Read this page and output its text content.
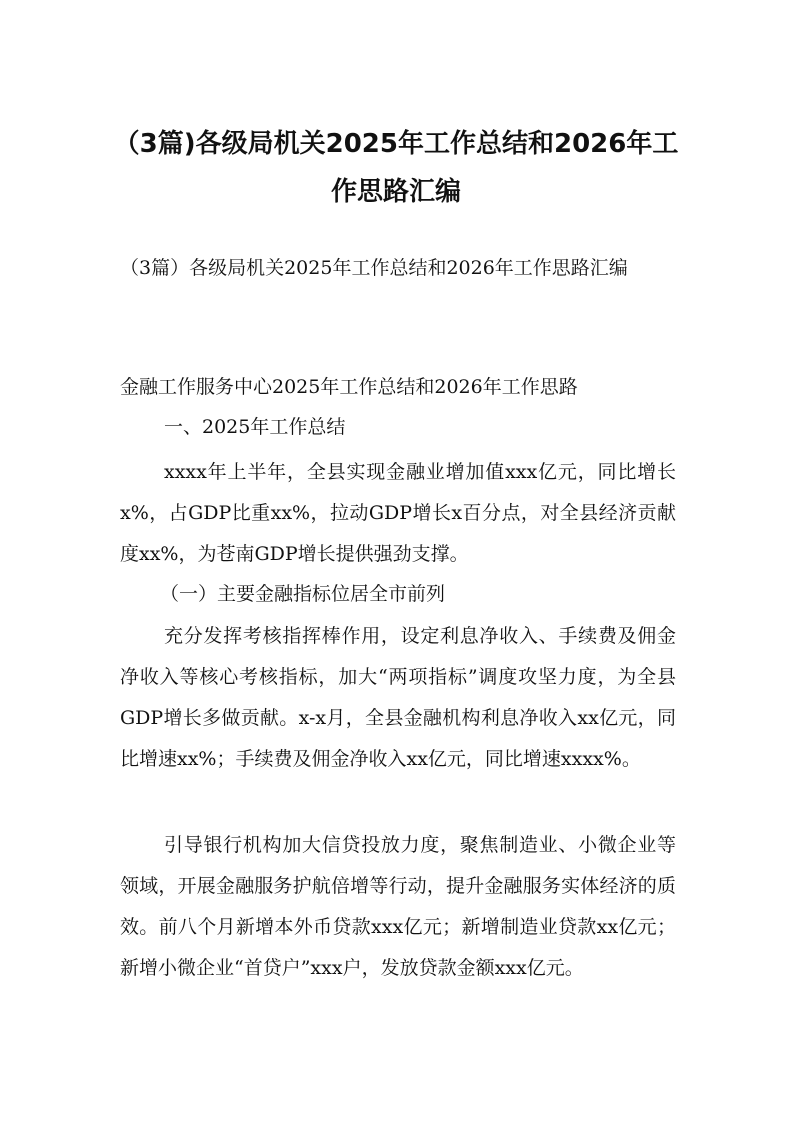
（3篇)各级局机关2025年工作总结和2026年工作思路汇编

（3篇）各级局机关2025年工作总结和2026年工作思路汇编

金融工作服务中心2025年工作总结和2026年工作思路

一、2025年工作总结

xxxx年上半年，全县实现金融业增加值xxx亿元，同比增长x%，占GDP比重xx%，拉动GDP增长x百分点，对全县经济贡献度xx%，为苍南GDP增长提供强劲支撑。

（一）主要金融指标位居全市前列

充分发挥考核指挥棒作用，设定利息净收入、手续费及佣金净收入等核心考核指标，加大“两项指标”调度攻坚力度，为全县GDP增长多做贡献。x-x月，全县金融机构利息净收入xx亿元，同比增速xx%；手续费及佣金净收入xx亿元，同比增速xxxx%。

引导银行机构加大信贷投放力度，聚焦制造业、小微企业等领域，开展金融服务护航倍增等行动，提升金融服务实体经济的质效。前八个月新增本外币贷款xxx亿元；新增制造业贷款xx亿元；新增小微企业“首贷户”xxx户，发放贷款金额xxx亿元。
